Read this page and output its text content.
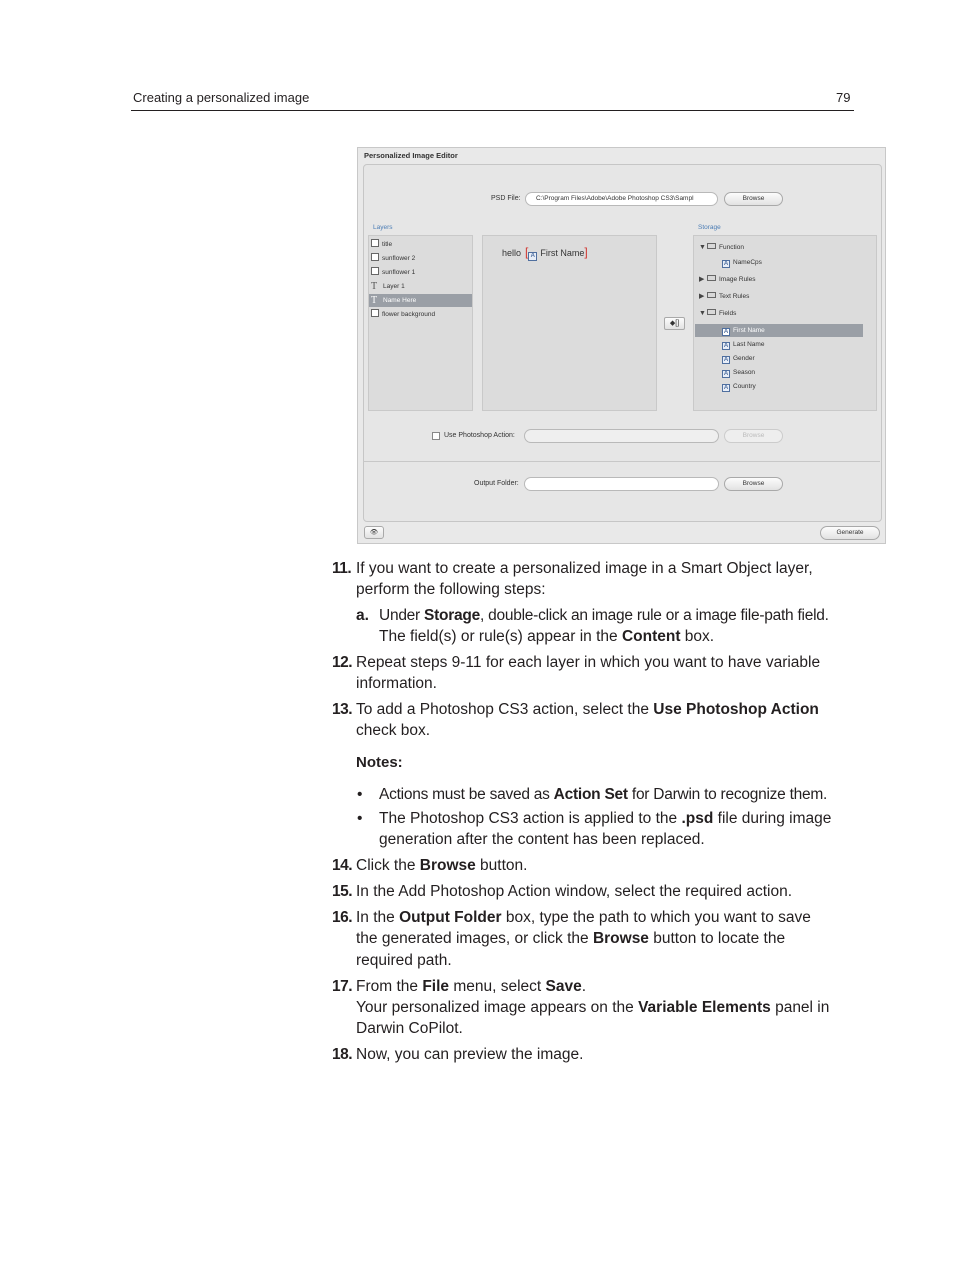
Creating a personalized image	79
Personalized Image Editor
PSD File: C:\Program Files\Adobe\Adobe Photoshop CS3\Sampl	Browse
Layers	Storage
title
sunflower 2
sunflower 1
T Layer 1
T Name Here
flower background
hello [ A First Name]
◆[]
▼ Function
A NameCps
▶ Image Rules
▶ Text Rules
▼ Fields
A First Name
A Last Name
A Gender
A Season
A Country
Use Photoshop Action:	Browse
Output Folder:	Browse
👁	Generate
11. If you want to create a personalized image in a Smart Object layer,
perform the following steps:
a. Under Storage, double-click an image rule or a image file-path field.
The field(s) or rule(s) appear in the Content box.
12. Repeat steps 9-11 for each layer in which you want to have variable
information.
13. To add a Photoshop CS3 action, select the Use Photoshop Action
check box.
Notes:
• Actions must be saved as Action Set for Darwin to recognize them.
• The Photoshop CS3 action is applied to the .psd file during image
generation after the content has been replaced.
14. Click the Browse button.
15. In the Add Photoshop Action window, select the required action.
16. In the Output Folder box, type the path to which you want to save
the generated images, or click the Browse button to locate the
required path.
17. From the File menu, select Save.
Your personalized image appears on the Variable Elements panel in
Darwin CoPilot.
18. Now, you can preview the image.
